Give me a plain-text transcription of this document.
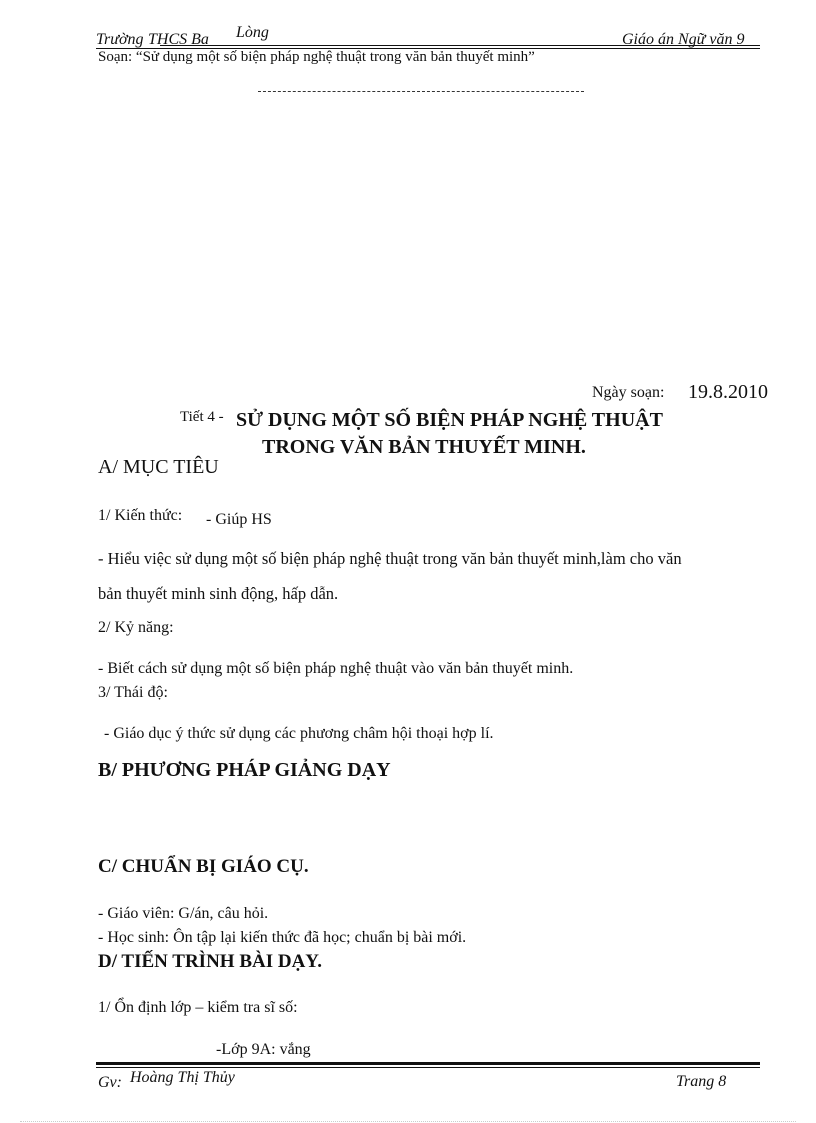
Trường THCS Ba Lòng	Giáo án Ngữ văn 9
Soạn: “Sử dụng một số biện pháp nghệ thuật trong văn bản thuyết minh”
Ngày soạn: 19.8.2010
Tiết 4 - SỬ DỤNG MỘT SỐ BIỆN PHÁP NGHỆ THUẬT
TRONG VĂN BẢN THUYẾT MINH.
A/ MỤC TIÊU
1/ Kiến thức: - Giúp HS
- Hiểu việc sử dụng một số biện pháp nghệ thuật trong văn bản thuyết minh,làm cho văn
bản thuyết minh sinh động, hấp dẫn.
2/ Kỷ năng:
- Biết cách sử dụng một số biện pháp nghệ thuật vào văn bản thuyết minh.
3/ Thái độ:
- Giáo dục ý thức sử dụng các phương châm hội thoại hợp lí.
B/ PHƯƠNG PHÁP GIẢNG DẠY
C/ CHUẨN BỊ GIÁO CỤ.
- Giáo viên: G/án, câu hỏi.
- Học sinh: Ôn tập lại kiến thức đã học; chuẩn bị bài mới.
D/ TIẾN TRÌNH BÀI DẠY.
1/ Ổn định lớp – kiểm tra sĩ số:
-Lớp 9A: vắng
Gv: Hoàng Thị Thủy	Trang 8
